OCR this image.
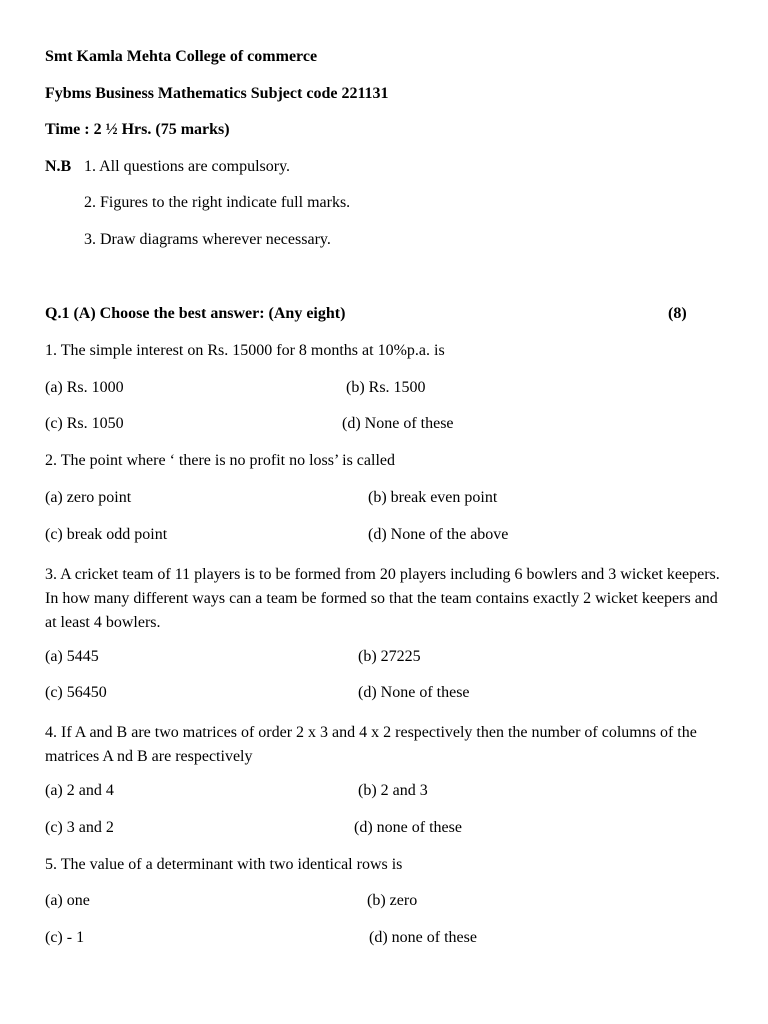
Smt Kamla Mehta College of commerce
Fybms Business Mathematics Subject code 221131
Time : 2 ½ Hrs. (75 marks)
N.B 1. All questions are compulsory.
2. Figures to the right indicate full marks.
3. Draw diagrams wherever necessary.
Q.1 (A) Choose the best answer: (Any eight)	(8)
1. The simple interest on Rs. 15000 for 8 months at 10%p.a. is
(a) Rs. 1000	(b) Rs. 1500
(c) Rs. 1050	(d) None of these
2. The point where ‘ there is no profit no loss’ is called
(a) zero point	(b) break even point
(c) break odd point	(d) None of the above
3. A cricket team of 11 players is to be formed from 20 players including 6 bowlers and 3 wicket keepers. In how many different ways can a team be formed so that the team contains exactly 2 wicket keepers and at least 4 bowlers.
(a) 5445	(b) 27225
(c) 56450	(d) None of these
4. If A and B are two matrices of order 2 x 3 and 4 x 2 respectively then the number of columns of the matrices A nd B are respectively
(a) 2 and 4	(b) 2 and 3
(c) 3 and 2	(d) none of these
5. The value of a determinant with two identical rows is
(a) one	(b) zero
(c) - 1	(d) none of these
